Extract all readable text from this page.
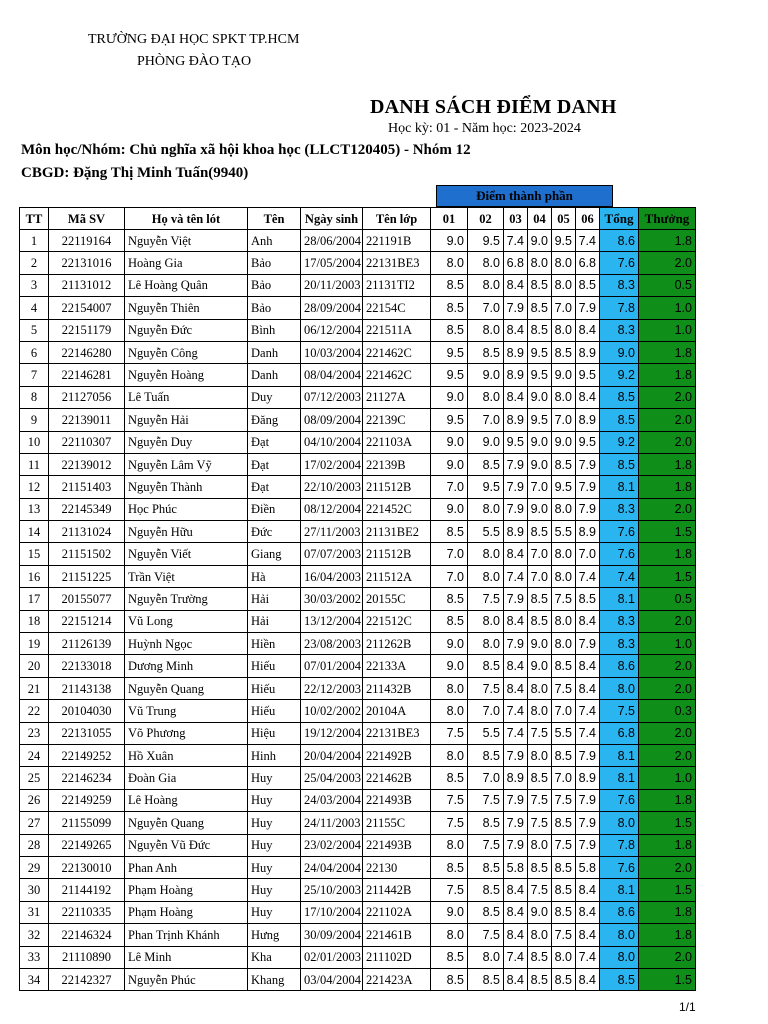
TRƯỜNG ĐẠI HỌC SPKT TP.HCM
PHÒNG ĐÀO TẠO
DANH SÁCH ĐIỂM DANH
Học kỳ: 01 - Năm học: 2023-2024
Môn học/Nhóm: Chủ nghĩa xã hội khoa học (LLCT120405) - Nhóm 12
CBGD: Đặng Thị Minh Tuấn(9940)
Điểm thành phần
TT	Mã SV	Họ và tên lót	Tên	Ngày sinh	Tên lớp	01	02	03	04	05	06	Tổng	Thưởng
1	22119164	Nguyễn Việt	Anh	28/06/2004	221191B	9.0	9.5	7.4	9.0	9.5	7.4	8.6	1.8
2	22131016	Hoàng Gia	Bảo	17/05/2004	22131BE3	8.0	8.0	6.8	8.0	8.0	6.8	7.6	2.0
3	21131012	Lê Hoàng Quân	Bảo	20/11/2003	21131TI2	8.5	8.0	8.4	8.5	8.0	8.5	8.3	0.5
4	22154007	Nguyễn Thiên	Bảo	28/09/2004	22154C	8.5	7.0	7.9	8.5	7.0	7.9	7.8	1.0
5	22151179	Nguyễn Đức	Bình	06/12/2004	221511A	8.5	8.0	8.4	8.5	8.0	8.4	8.3	1.0
6	22146280	Nguyễn Công	Danh	10/03/2004	221462C	9.5	8.5	8.9	9.5	8.5	8.9	9.0	1.8
7	22146281	Nguyễn Hoàng	Danh	08/04/2004	221462C	9.5	9.0	8.9	9.5	9.0	9.5	9.2	1.8
8	21127056	Lê Tuấn	Duy	07/12/2003	21127A	9.0	8.0	8.4	9.0	8.0	8.4	8.5	2.0
9	22139011	Nguyễn Hải	Đăng	08/09/2004	22139C	9.5	7.0	8.9	9.5	7.0	8.9	8.5	2.0
10	22110307	Nguyễn Duy	Đạt	04/10/2004	221103A	9.0	9.0	9.5	9.0	9.0	9.5	9.2	2.0
11	22139012	Nguyễn Lâm Vỹ	Đạt	17/02/2004	22139B	9.0	8.5	7.9	9.0	8.5	7.9	8.5	1.8
12	21151403	Nguyễn Thành	Đạt	22/10/2003	211512B	7.0	9.5	7.9	7.0	9.5	7.9	8.1	1.8
13	22145349	Học Phúc	Điền	08/12/2004	221452C	9.0	8.0	7.9	9.0	8.0	7.9	8.3	2.0
14	21131024	Nguyễn Hữu	Đức	27/11/2003	21131BE2	8.5	5.5	8.9	8.5	5.5	8.9	7.6	1.5
15	21151502	Nguyễn Viết	Giang	07/07/2003	211512B	7.0	8.0	8.4	7.0	8.0	7.0	7.6	1.8
16	21151225	Trần Việt	Hà	16/04/2003	211512A	7.0	8.0	7.4	7.0	8.0	7.4	7.4	1.5
17	20155077	Nguyễn Trường	Hải	30/03/2002	20155C	8.5	7.5	7.9	8.5	7.5	8.5	8.1	0.5
18	22151214	Vũ Long	Hải	13/12/2004	221512C	8.5	8.0	8.4	8.5	8.0	8.4	8.3	2.0
19	21126139	Huỳnh Ngọc	Hiền	23/08/2003	211262B	9.0	8.0	7.9	9.0	8.0	7.9	8.3	1.0
20	22133018	Dương Minh	Hiếu	07/01/2004	22133A	9.0	8.5	8.4	9.0	8.5	8.4	8.6	2.0
21	21143138	Nguyễn Quang	Hiếu	22/12/2003	211432B	8.0	7.5	8.4	8.0	7.5	8.4	8.0	2.0
22	20104030	Vũ Trung	Hiếu	10/02/2002	20104A	8.0	7.0	7.4	8.0	7.0	7.4	7.5	0.3
23	22131055	Võ Phương	Hiệu	19/12/2004	22131BE3	7.5	5.5	7.4	7.5	5.5	7.4	6.8	2.0
24	22149252	Hồ Xuân	Hinh	20/04/2004	221492B	8.0	8.5	7.9	8.0	8.5	7.9	8.1	2.0
25	22146234	Đoàn Gia	Huy	25/04/2003	221462B	8.5	7.0	8.9	8.5	7.0	8.9	8.1	1.0
26	22149259	Lê Hoàng	Huy	24/03/2004	221493B	7.5	7.5	7.9	7.5	7.5	7.9	7.6	1.8
27	21155099	Nguyễn Quang	Huy	24/11/2003	21155C	7.5	8.5	7.9	7.5	8.5	7.9	8.0	1.5
28	22149265	Nguyễn Vũ Đức	Huy	23/02/2004	221493B	8.0	7.5	7.9	8.0	7.5	7.9	7.8	1.8
29	22130010	Phan Anh	Huy	24/04/2004	22130	8.5	8.5	5.8	8.5	8.5	5.8	7.6	2.0
30	21144192	Phạm Hoàng	Huy	25/10/2003	211442B	7.5	8.5	8.4	7.5	8.5	8.4	8.1	1.5
31	22110335	Phạm Hoàng	Huy	17/10/2004	221102A	9.0	8.5	8.4	9.0	8.5	8.4	8.6	1.8
32	22146324	Phan Trịnh Khánh	Hưng	30/09/2004	221461B	8.0	7.5	8.4	8.0	7.5	8.4	8.0	1.8
33	21110890	Lê Minh	Kha	02/01/2003	211102D	8.5	8.0	7.4	8.5	8.0	7.4	8.0	2.0
34	22142327	Nguyễn Phúc	Khang	03/04/2004	221423A	8.5	8.5	8.4	8.5	8.5	8.4	8.5	1.5
1/1
